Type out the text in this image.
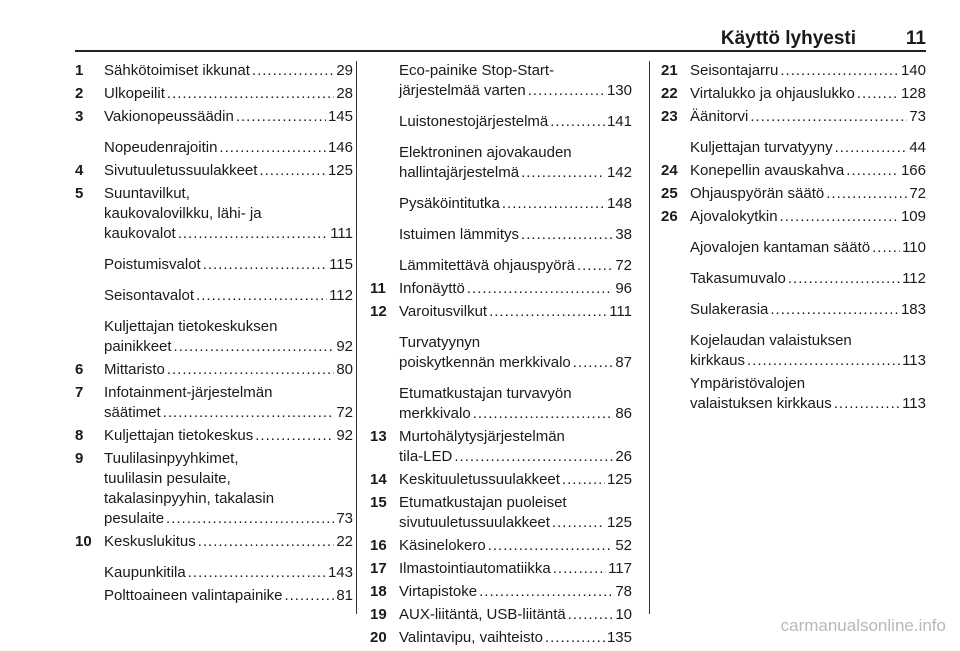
Käyttö lyhyesti	11
1 Sähkötoimiset ikkunat .....	29
2 Ulkopeilit .....	28
3 Vakionopeussäädin .....	145
Nopeudenrajoitin .....	146
4 Sivutuuletussuulakkeet .....	125
5 Suuntavilkut,
kaukovalovilkku, lähi- ja
kaukovalot .....	111
Poistumisvalot .....	115
Seisontavalot .....	112
Kuljettajan tietokeskuksen
painikkeet .....	92
6 Mittaristo .....	80
7 Infotainment-järjestelmän
säätimet .....	72
8 Kuljettajan tietokeskus .....	92
9 Tuulilasinpyyhkimet,
tuulilasin pesulaite,
takalasinpyyhin, takalasin
pesulaite .....	73
10 Keskuslukitus .....	22
Kaupunkitila .....	143
Polttoaineen valintapainike .....	81
Eco-painike Stop-Start-
järjestelmää varten .....	130
Luistonestojärjestelmä .....	141
Elektroninen ajovakauden
hallintajärjestelmä .....	142
Pysäköintitutka .....	148
Istuimen lämmitys .....	38
Lämmitettävä ohjauspyörä .....	72
11 Infonäyttö .....	96
12 Varoitusvilkut .....	111
Turvatyynyn
poiskytkennän merkkivalo .....	87
Etumatkustajan turvavyön
merkkivalo .....	86
13 Murtohälytysjärjestelmän
tila-LED .....	26
14 Keskituuletussuulakkeet .....	125
15 Etumatkustajan puoleiset
sivutuuletussuulakkeet .....	125
16 Käsinelokero .....	52
17 Ilmastointiautomatiikka .....	117
18 Virtapistoke .....	78
19 AUX-liitäntä, USB-liitäntä .....	10
20 Valintavipu, vaihteisto .....	135
21 Seisontajarru .....	140
22 Virtalukko ja ohjauslukko .....	128
23 Äänitorvi .....	73
Kuljettajan turvatyyny .....	44
24 Konepellin avauskahva .....	166
25 Ohjauspyörän säätö .....	72
26 Ajovalokytkin .....	109
Ajovalojen kantaman säätö ..... 110
Takasumuvalo .....	112
Sulakerasia .....	183
Kojelaudan valaistuksen
kirkkaus .....	113
Ympäristövalojen
valaistuksen kirkkaus .....	113
carmanualsonline.info
